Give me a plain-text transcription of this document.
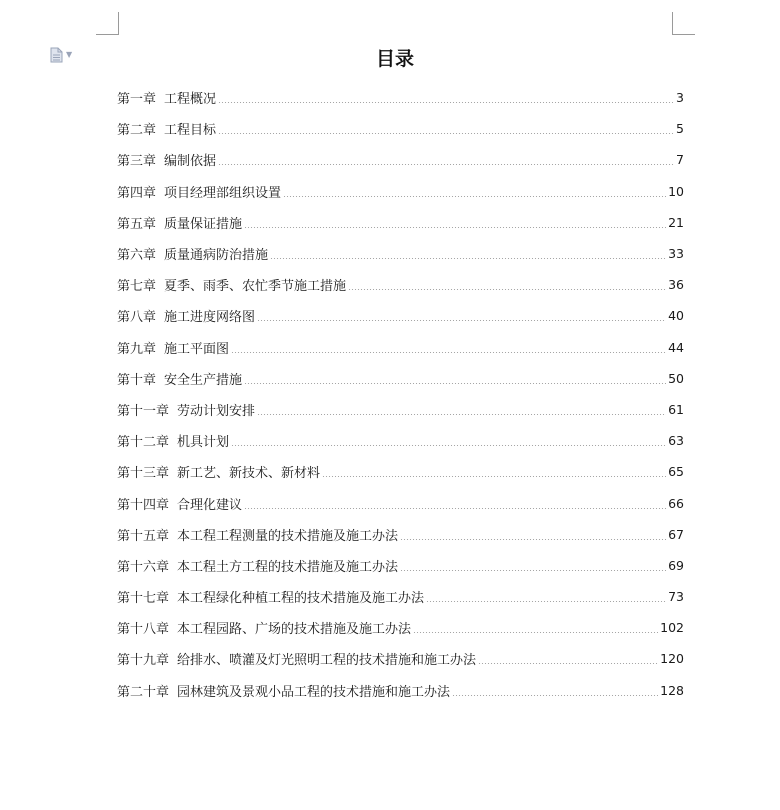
▼	目录
第一章 工程概况	3
第二章 工程目标	5
第三章 编制依据	7
第四章 项目经理部组织设置	10
第五章 质量保证措施	21
第六章 质量通病防治措施	33
第七章 夏季、雨季、农忙季节施工措施	36
第八章 施工进度网络图	40
第九章 施工平面图	44
第十章 安全生产措施	50
第十一章 劳动计划安排	61
第十二章 机具计划	63
第十三章 新工艺、新技术、新材料	65
第十四章 合理化建议	66
第十五章 本工程工程测量的技术措施及施工办法	67
第十六章 本工程土方工程的技术措施及施工办法	69
第十七章 本工程绿化种植工程的技术措施及施工办法	73
第十八章 本工程园路、广场的技术措施及施工办法	102
第十九章 给排水、喷灌及灯光照明工程的技术措施和施工办法	120
第二十章 园林建筑及景观小品工程的技术措施和施工办法	128
